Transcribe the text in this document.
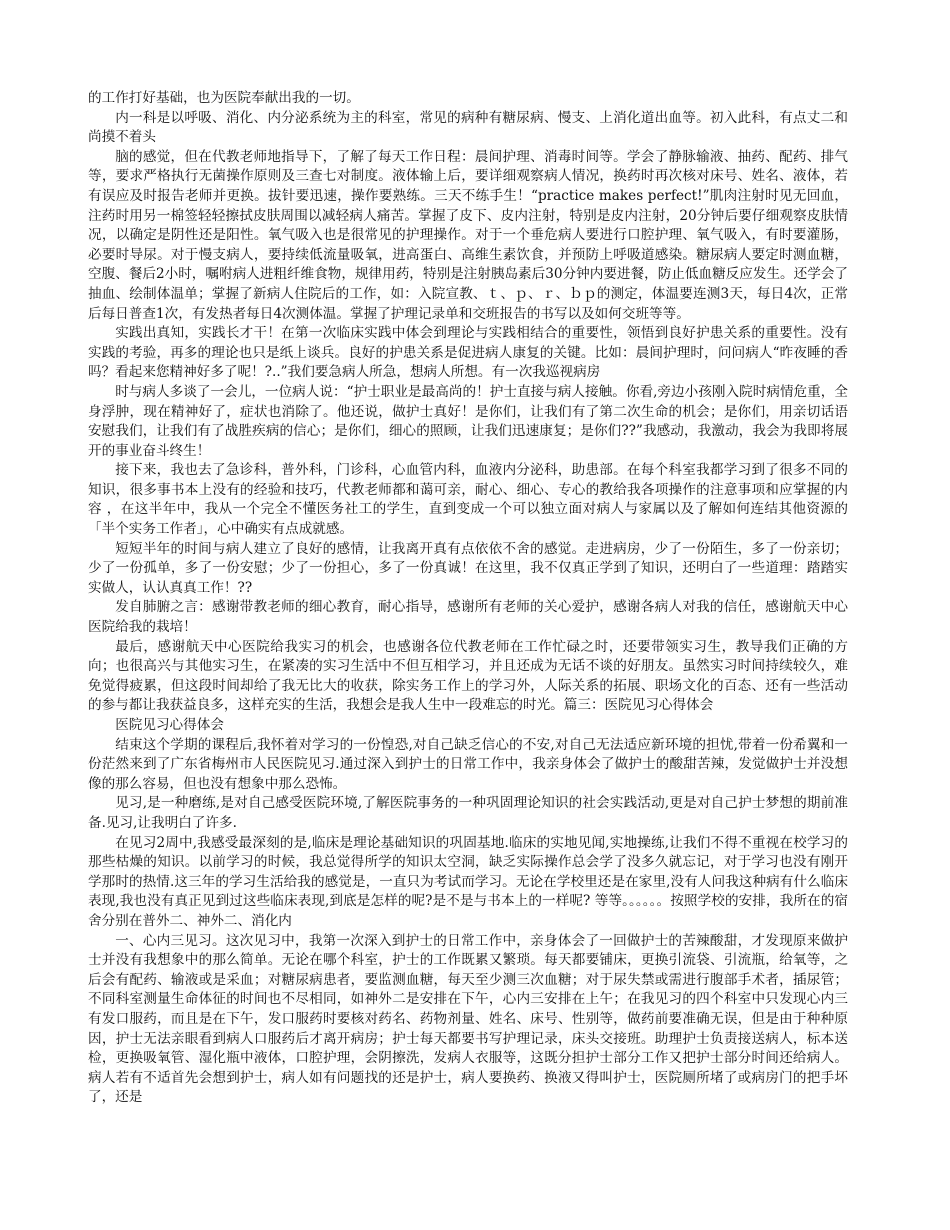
的工作打好基础，也为医院奉献出我的一切。

内一科是以呼吸、消化、内分泌系统为主的科室，常见的病种有糖尿病、慢支、上消化道出血等。初入此科，有点丈二和尚摸不着头

脑的感觉，但在代教老师地指导下，了解了每天工作日程：晨间护理、消毒时间等。学会了静脉输液、抽药、配药、排气等，要求严格执行无菌操作原则及三查七对制度。液体输上后，要详细观察病人情况，换药时再次核对床号、姓名、液体，若有误应及时报告老师并更换。拔针要迅速，操作要熟练。三天不练手生！“practice makes perfect!”肌肉注射时见无回血，注药时用另一棉签轻轻擦拭皮肤周围以减轻病人痛苦。掌握了皮下、皮内注射，特别是皮内注射，20分钟后要仔细观察皮肤情况，以确定是阴性还是阳性。氧气吸入也是很常见的护理操作。对于一个垂危病人要进行口腔护理、氧气吸入，有时要灌肠，必要时导尿。对于慢支病人，要持续低流量吸氧，进高蛋白、高维生素饮食，并预防上呼吸道感染。糖尿病人要定时测血糖，空腹、餐后2小时，嘱咐病人进粗纤维食物，规律用药，特别是注射胰岛素后30分钟内要进餐，防止低血糖反应发生。还学会了抽血、绘制体温单；掌握了新病人住院后的工作，如：入院宣教、ｔ、ｐ、ｒ、ｂｐ的测定，体温要连测3天，每日4次，正常后每日普查1次，有发热者每日4次测体温。掌握了护理记录单和交班报告的书写以及如何交班等等。

实践出真知，实践长才干！在第一次临床实践中体会到理论与实践相结合的重要性，领悟到良好护患关系的重要性。没有实践的考验，再多的理论也只是纸上谈兵。良好的护患关系是促进病人康复的关键。比如：晨间护理时，问问病人“昨夜睡的香吗？看起来您精神好多了呢！?..”我们要急病人所急，想病人所想。有一次我巡视病房

时与病人多谈了一会儿，一位病人说：“护士职业是最高尚的！护士直接与病人接触。你看,旁边小孩刚入院时病情危重，全身浮肿，现在精神好了，症状也消除了。他还说，做护士真好！是你们，让我们有了第二次生命的机会；是你们，用亲切话语安慰我们，让我们有了战胜疾病的信心；是你们，细心的照顾，让我们迅速康复；是你们??”我感动，我激动，我会为我即将展开的事业奋斗终生！

接下来，我也去了急诊科，普外科，门诊科，心血管内科，血液内分泌科，助患部。在每个科室我都学习到了很多不同的知识，很多事书本上没有的经验和技巧，代教老师都和蔼可亲，耐心、细心、专心的教给我各项操作的注意事项和应掌握的内容 ，在这半年中，我从一个完全不懂医务社工的学生，直到变成一个可以独立面对病人与家属以及了解如何连结其他资源的「半个实务工作者」，心中确实有点成就感。

短短半年的时间与病人建立了良好的感情，让我离开真有点依依不舍的感觉。走进病房，少了一份陌生，多了一份亲切；少了一份孤单，多了一份安慰；少了一份担心，多了一份真诚！在这里，我不仅真正学到了知识，还明白了一些道理：踏踏实实做人，认认真真工作！??

发自肺腑之言：感谢带教老师的细心教育，耐心指导，感谢所有老师的关心爱护，感谢各病人对我的信任，感谢航天中心医院给我的栽培！

最后，感谢航天中心医院给我实习的机会，也感谢各位代教老师在工作忙碌之时，还要带领实习生，教导我们正确的方向；也很高兴与其他实习生，在紧凑的实习生活中不但互相学习，并且还成为无话不谈的好朋友。虽然实习时间持续较久，难免觉得疲累，但这段时间却给了我无比大的收获，除实务工作上的学习外，人际关系的拓展、职场文化的百态、还有一些活动的参与都让我获益良多，这样充实的生活，我想会是我人生中一段难忘的时光。篇三：医院见习心得体会

医院见习心得体会

结束这个学期的课程后,我怀着对学习的一份惶恐,对自己缺乏信心的不安,对自己无法适应新环境的担忧,带着一份希翼和一份茫然来到了广东省梅州市人民医院见习.通过深入到护士的日常工作中，我亲身体会了做护士的酸甜苦辣，发觉做护士并没想像的那么容易，但也没有想象中那么恐怖。

见习,是一种磨练,是对自己感受医院环境,了解医院事务的一种巩固理论知识的社会实践活动,更是对自己护士梦想的期前准备.见习,让我明白了许多.

在见习2周中,我感受最深刻的是,临床是理论基础知识的巩固基地.临床的实地见闻,实地操练,让我们不得不重视在校学习的那些枯燥的知识。以前学习的时候，我总觉得所学的知识太空洞，缺乏实际操作总会学了没多久就忘记，对于学习也没有刚开学那时的热情.这三年的学习生活给我的感觉是，一直只为考试而学习。无论在学校里还是在家里,没有人问我这种病有什么临床表现,我也没有真正见到过这些临床表现,到底是怎样的呢?是不是与书本上的一样呢? 等等。。。。。。按照学校的安排，我所在的宿舍分别在普外二、神外二、消化内

一、心内三见习。这次见习中，我第一次深入到护士的日常工作中，亲身体会了一回做护士的苦辣酸甜，才发现原来做护士并没有我想象中的那么简单。无论在哪个科室，护士的工作既累又繁琐。每天都要铺床，更换引流袋、引流瓶，给氧等，之后会有配药、输液或是采血；对糖尿病患者，要监测血糖，每天至少测三次血糖；对于尿失禁或需进行腹部手术者，插尿管；不同科室测量生命体征的时间也不尽相同，如神外二是安排在下午，心内三安排在上午；在我见习的四个科室中只发现心内三有发口服药，而且是在下午，发口服药时要核对药名、药物剂量、姓名、床号、性别等，做药前要准确无误，但是由于种种原因，护士无法亲眼看到病人口服药后才离开病房；护士每天都要书写护理记录，床头交接班。助理护士负责接送病人，标本送检，更换吸氧管、湿化瓶中液体，口腔护理，会阴擦洗，发病人衣服等，这既分担护士部分工作又把护士部分时间还给病人。病人若有不适首先会想到护士，病人如有问题找的还是护士，病人要换药、换液又得叫护士，医院厕所堵了或病房门的把手坏了，还是
